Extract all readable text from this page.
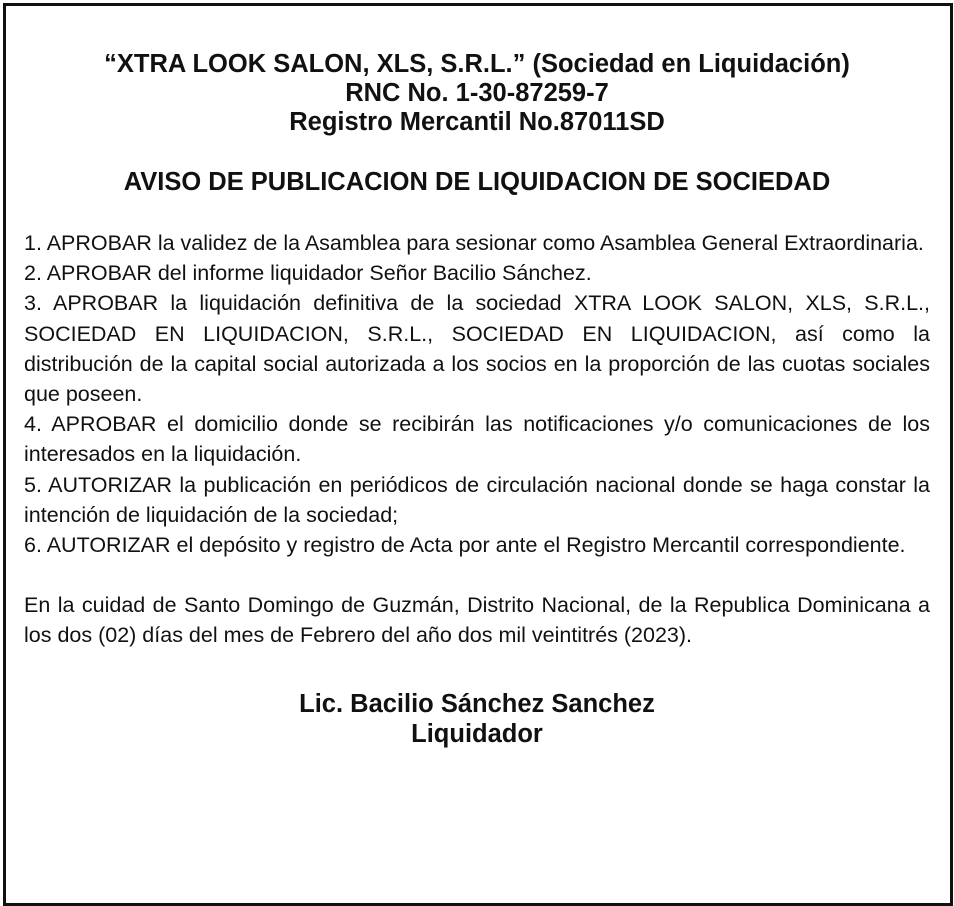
“XTRA LOOK SALON, XLS, S.R.L.” (Sociedad en Liquidación)
RNC No. 1-30-87259-7
Registro Mercantil No.87011SD
AVISO DE PUBLICACION DE LIQUIDACION DE SOCIEDAD
1. APROBAR la validez de la Asamblea para sesionar como Asamblea General Extraordinaria.
2. APROBAR del informe liquidador Señor Bacilio Sánchez.
3. APROBAR la liquidación definitiva de la sociedad XTRA LOOK SALON, XLS, S.R.L., SOCIEDAD EN LIQUIDACION, S.R.L., SOCIEDAD EN LIQUIDACION, así como la distribución de la capital social autorizada a los socios en la proporción de las cuotas sociales que poseen.
4. APROBAR el domicilio donde se recibirán las notificaciones y/o comunicaciones de los interesados en la liquidación.
5. AUTORIZAR la publicación en periódicos de circulación nacional donde se haga constar la intención de liquidación de la sociedad;
6. AUTORIZAR el depósito y registro de Acta por ante el Registro Mercantil correspondiente.
En la cuidad de Santo Domingo de Guzmán, Distrito Nacional, de la Republica Dominicana a los dos (02) días del mes de Febrero del año dos mil veintitrés (2023).
Lic. Bacilio Sánchez Sanchez
Liquidador
